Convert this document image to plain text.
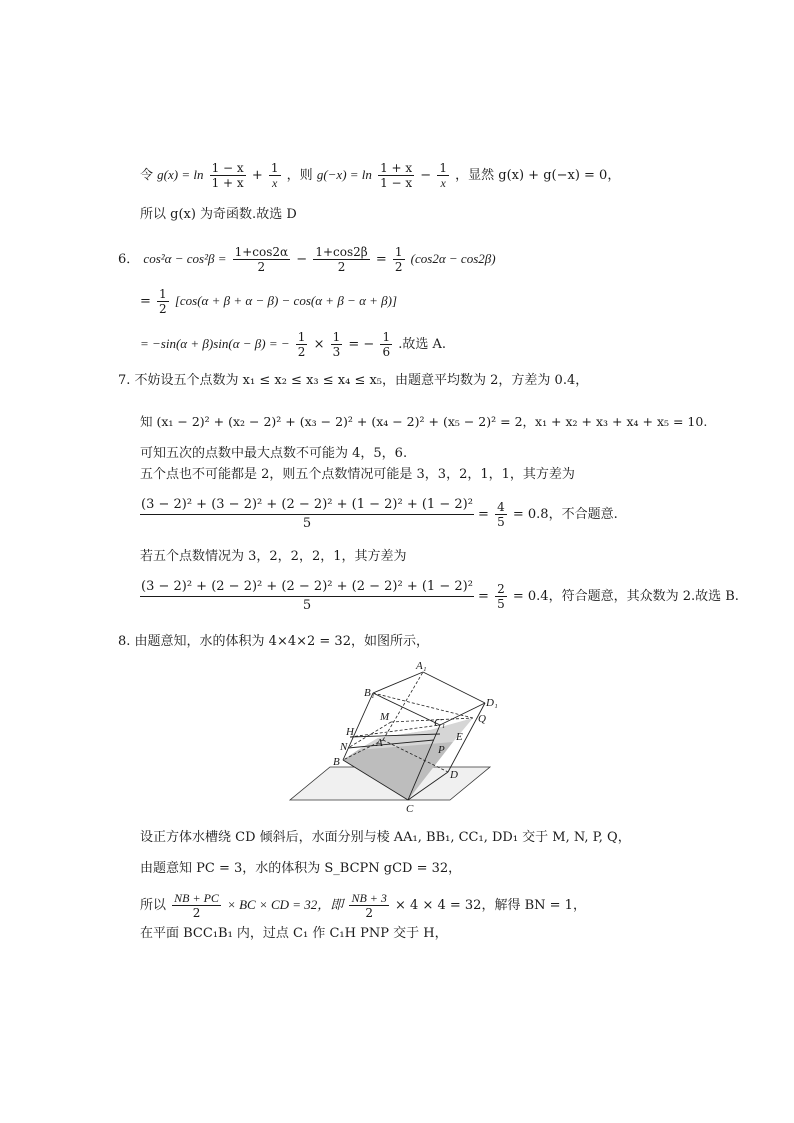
令 $g(x) = \ln \frac{1 - x}{1 + x} + \frac{1}{x}$ ，则 $g(-x) = \ln \frac{1 + x}{1 - x} - \frac{1}{x}$ ，显然 g(x) + g(−x) = 0，
所以 g(x) 为奇函数.故选 D
6． $\cos^2\alpha - \cos^2\beta = \frac{1+\cos 2\alpha}{2} - \frac{1+\cos 2\beta}{2} = \frac{1}{2} (\cos 2\alpha - \cos 2\beta)$
= $\frac{1}{2} [\cos(\alpha + \beta + \alpha - \beta) - \cos(\alpha + \beta - \alpha + \beta)]$
= −sin(α + β)sin(α − β) = − $\frac{1}{2} \times \frac{1}{3}$ = − $\frac{1}{6}$ .故选 A.
7. 不妨设五个点数为 x₁ ≤ x₂ ≤ x₃ ≤ x₄ ≤ x₅，由题意平均数为 2，方差为 0.4，
知 (x₁ − 2)² + (x₂ − 2)² + (x₃ − 2)² + (x₄ − 2)² + (x₅ − 2)² = 2，x₁ + x₂ + x₃ + x₄ + x₅ = 10.
可知五次的点数中最大点数不可能为 4，5，6.
五个点也不可能都是 2，则五个点数情况可能是 3，3，2，1，1，其方差为
$\frac{\text{(3 − 2)² + (3 − 2)² + (2 − 2)² + (1 − 2)² + (1 − 2)²}}{5} = \frac{4}{5} = 0.8$，不合题意.
若五个点数情况为 3，2，2，2，1，其方差为
$\frac{\text{(3 − 2)² + (2 − 2)² + (2 − 2)² + (2 − 2)² + (1 − 2)²}}{5} = \frac{2}{5} = 0.4$，符合题意，其众数为 2.故选 B.
8. 由题意知，水的体积为 4×4×2 = 32，如图所示，
A₁
B₁
D₁
C₁
M	Q
H	E
N	A
P
B
D
C
设正方体水槽绕 CD 倾斜后，水面分别与棱 AA₁, BB₁, CC₁, DD₁ 交于 M, N, P, Q，
由题意知 PC = 3，水的体积为 S_BCPN gCD = 32，
所以 $\frac{NB + PC}{2}$ × BC × CD = 32，即 $\frac{NB + 3}{2} \times 4 \times 4 = 32$，解得 BN = 1，
在平面 BCC₁B₁ 内，过点 C₁ 作 C₁H PNP 交于 H，
